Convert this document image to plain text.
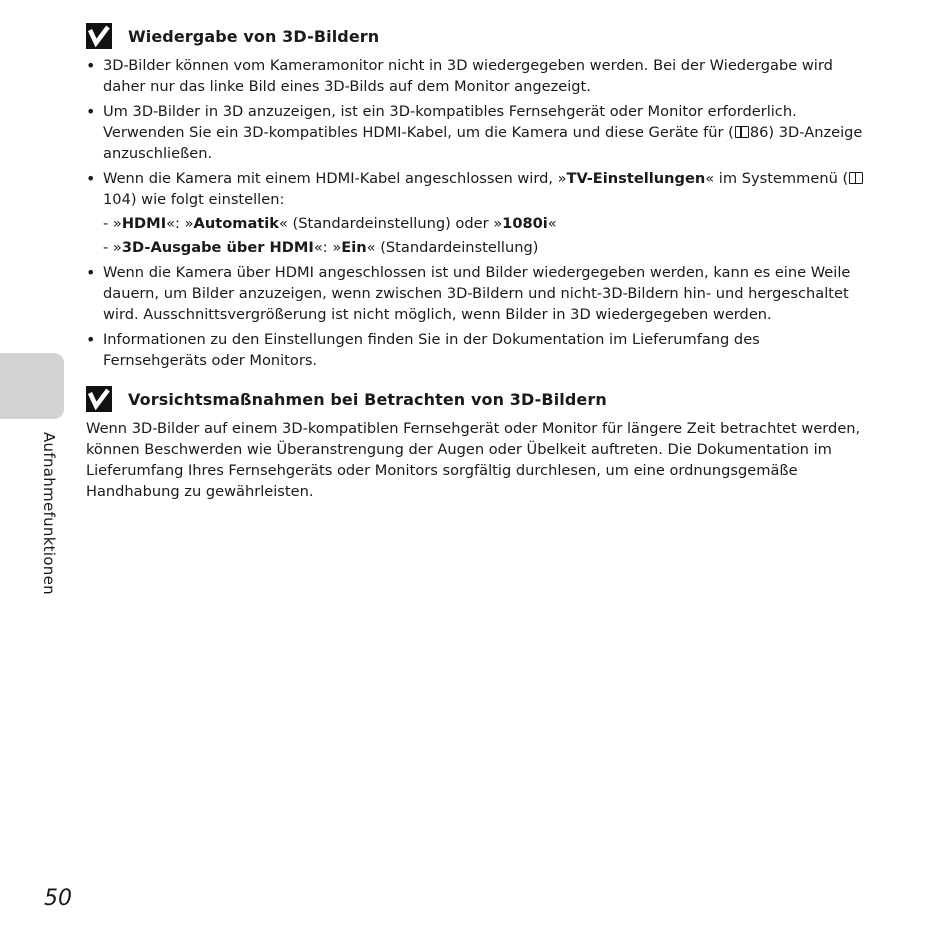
Aufnahmefunktionen
Wiedergabe von 3D-Bildern
• 3D-Bilder können vom Kameramonitor nicht in 3D wiedergegeben werden. Bei der Wiedergabe wird daher nur das linke Bild eines 3D-Bilds auf dem Monitor angezeigt.
• Um 3D-Bilder in 3D anzuzeigen, ist ein 3D-kompatibles Fernsehgerät oder Monitor erforderlich. Verwenden Sie ein 3D-kompatibles HDMI-Kabel, um die Kamera und diese Geräte für ( 86) 3D-Anzeige anzuschließen.
• Wenn die Kamera mit einem HDMI-Kabel angeschlossen wird, »TV-Einstellungen« im Systemmenü (104) wie folgt einstellen:
- »HDMI«: »Automatik« (Standardeinstellung) oder »1080i«
- »3D-Ausgabe über HDMI«: »Ein« (Standardeinstellung)
• Wenn die Kamera über HDMI angeschlossen ist und Bilder wiedergegeben werden, kann es eine Weile dauern, um Bilder anzuzeigen, wenn zwischen 3D-Bildern und nicht-3D-Bildern hin- und hergeschaltet wird. Ausschnittsvergrößerung ist nicht möglich, wenn Bilder in 3D wiedergegeben werden.
• Informationen zu den Einstellungen finden Sie in der Dokumentation im Lieferumfang des Fernsehgeräts oder Monitors.
Vorsichtsmaßnahmen bei Betrachten von 3D-Bildern
Wenn 3D-Bilder auf einem 3D-kompatiblen Fernsehgerät oder Monitor für längere Zeit betrachtet werden, können Beschwerden wie Überanstrengung der Augen oder Übelkeit auftreten. Die Dokumentation im Lieferumfang Ihres Fernsehgeräts oder Monitors sorgfältig durchlesen, um eine ordnungsgemäße Handhabung zu gewährleisten.
50
